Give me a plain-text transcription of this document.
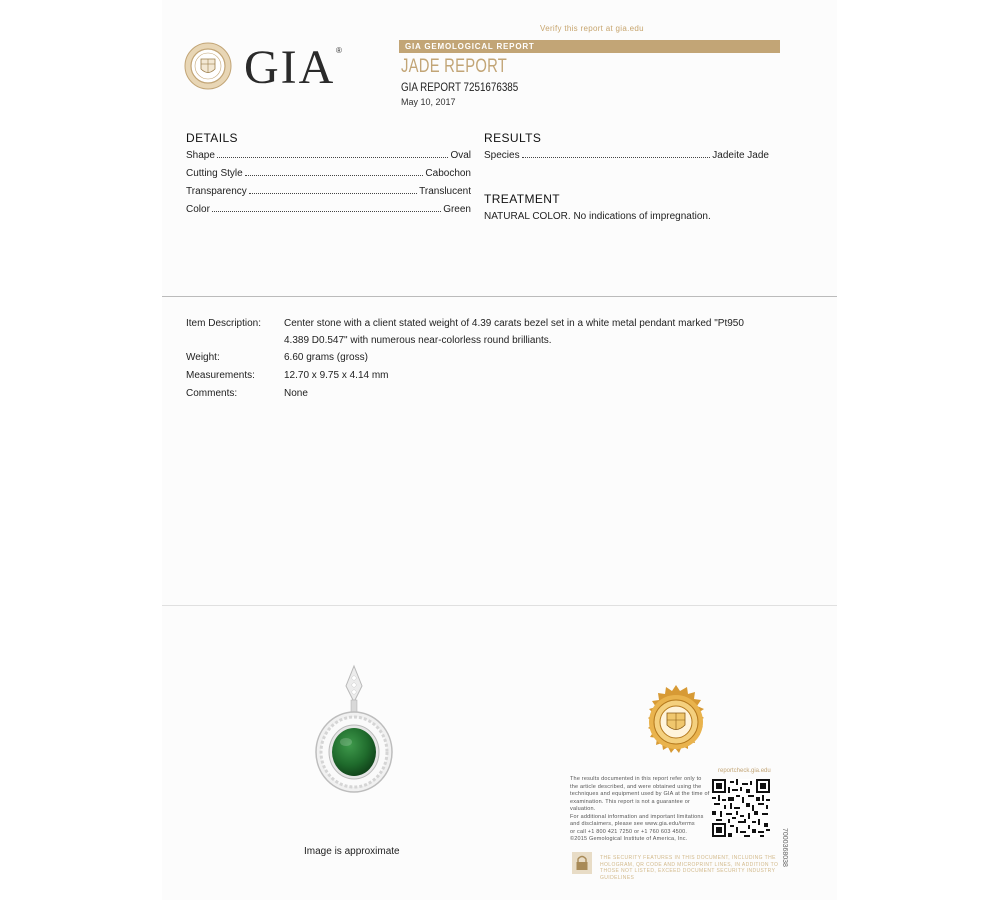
Verify this report at gia.edu
GIA ®	GIA GEMOLOGICAL REPORT
JADE REPORT
GIA REPORT 7251676385
May 10, 2017
DETAILS
Shape	Oval
Cutting Style	Cabochon
Transparency	Translucent
Color	Green
RESULTS
Species	Jadeite Jade
TREATMENT
NATURAL COLOR. No indications of impregnation.
Item Description: Center stone with a client stated weight of 4.39 carats bezel set in a white metal pendant marked "Pt950
4.389 D0.547" with numerous near-colorless round brilliants.
Weight:	6.60 grams (gross)
Measurements:	12.70 x 9.75 x 4.14 mm
Comments:	None
Image is approximate
reportcheck.gia.edu
The results documented in this report refer only to
the article described, and were obtained using the
techniques and equipment used by GIA at the time of
examination. This report is not a guarantee or valuation.
For additional information and important limitations
and disclaimers, please see www.gia.edu/terms
or call +1 800 421 7250 or +1 760 603 4500.
©2015 Gemological Institute of America, Inc.	7000368038
THE SECURITY FEATURES IN THIS DOCUMENT, INCLUDING THE HOLOGRAM, QR CODE AND MICROPRINT LINES, IN ADDITION TO THOSE NOT LISTED, EXCEED DOCUMENT SECURITY INDUSTRY GUIDELINES
